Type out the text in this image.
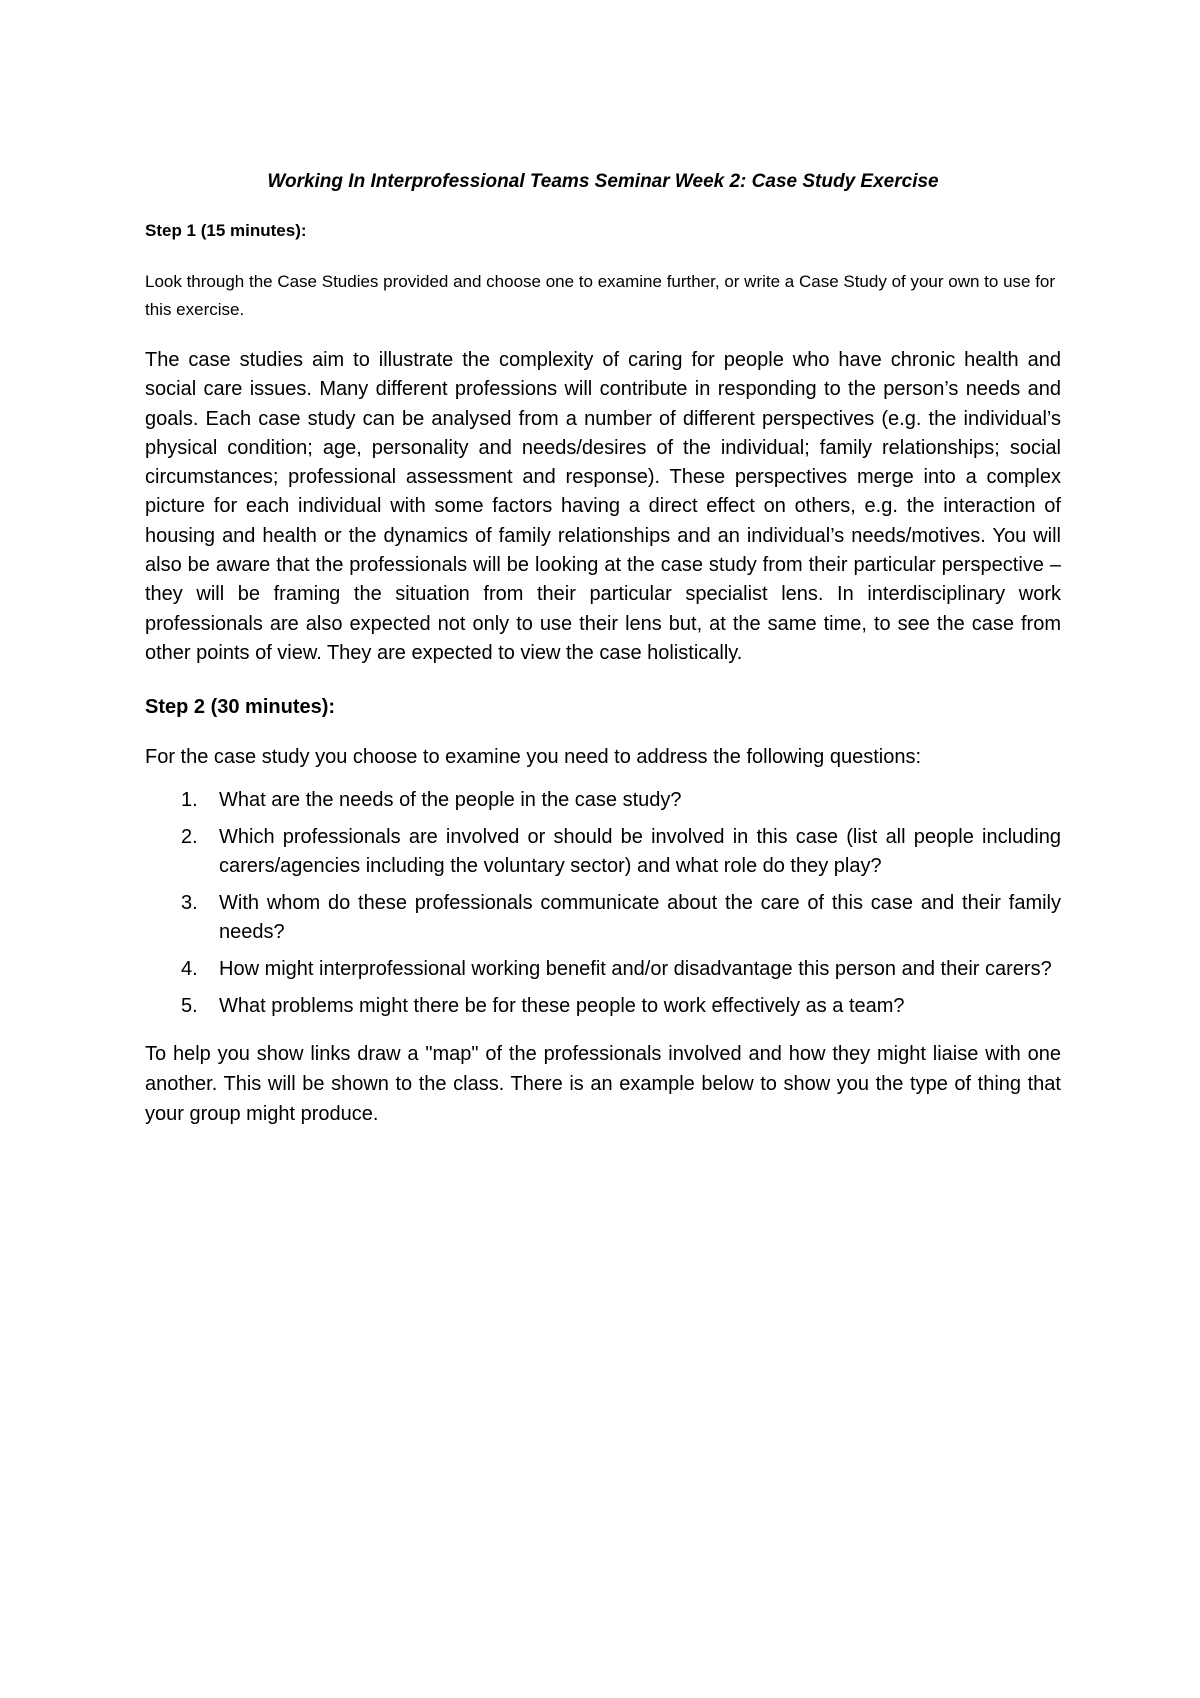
Working In Interprofessional Teams Seminar Week 2: Case Study Exercise
Step 1 (15 minutes):

Look through the Case Studies provided and choose one to examine further, or write a Case Study of your own to use for this exercise.

The case studies aim to illustrate the complexity of caring for people who have chronic health and social care issues. Many different professions will contribute in responding to the person’s needs and goals. Each case study can be analysed from a number of different perspectives (e.g. the individual’s physical condition; age, personality and needs/desires of the individual; family relationships; social circumstances; professional assessment and response). These perspectives merge into a complex picture for each individual with some factors having a direct effect on others, e.g. the interaction of housing and health or the dynamics of family relationships and an individual’s needs/motives. You will also be aware that the professionals will be looking at the case study from their particular perspective – they will be framing the situation from their particular specialist lens. In interdisciplinary work professionals are also expected not only to use their lens but, at the same time, to see the case from other points of view. They are expected to view the case holistically.

Step 2 (30 minutes):

For the case study you choose to examine you need to address the following questions:

1. What are the needs of the people in the case study?
2. Which professionals are involved or should be involved in this case (list all people including carers/agencies including the voluntary sector) and what role do they play?
3. With whom do these professionals communicate about the care of this case and their family needs?
4. How might interprofessional working benefit and/or disadvantage this person and their carers?
5. What problems might there be for these people to work effectively as a team?

To help you show links draw a "map" of the professionals involved and how they might liaise with one another. This will be shown to the class. There is an example below to show you the type of thing that your group might produce.
